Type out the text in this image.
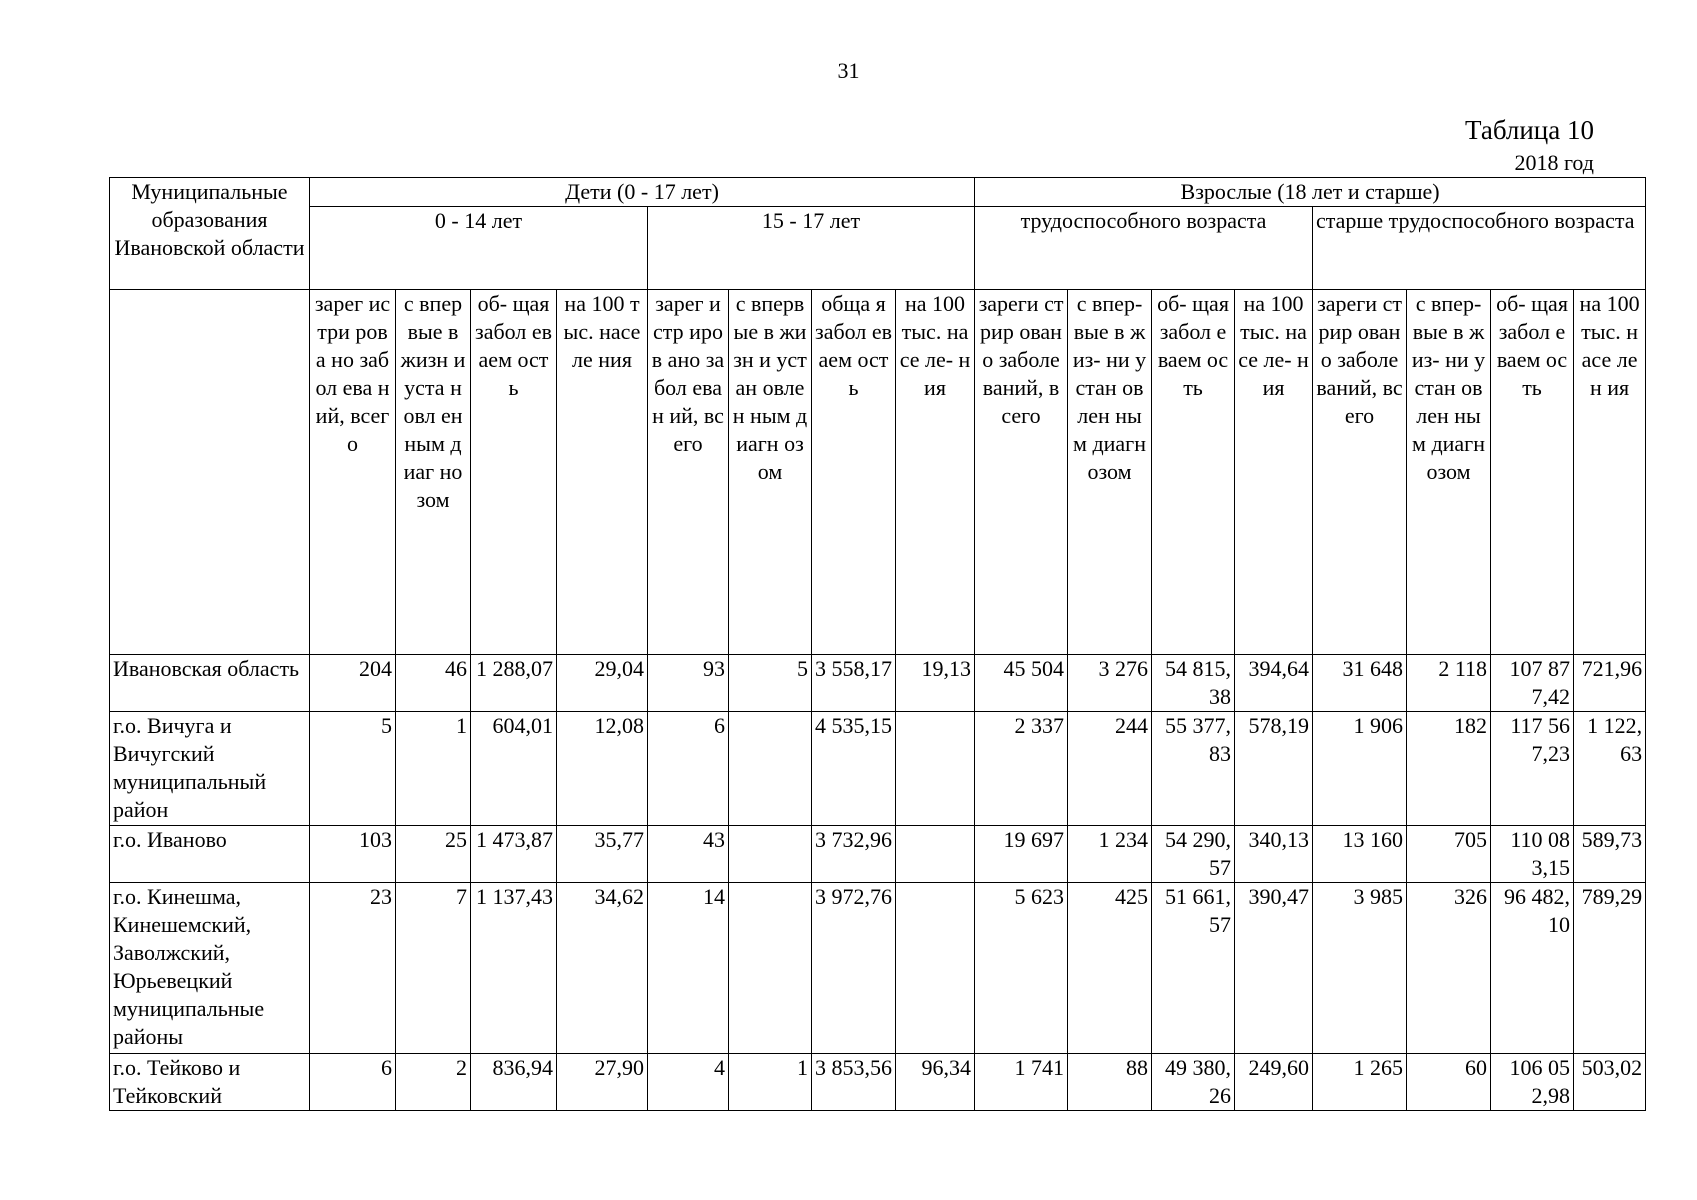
31
Таблица 10
2018 год
Муниципальные образования Ивановской области	Дети (0 - 17 лет)								Взрослые (18 лет и старше)							
	0 - 14 лет				15 - 17 лет				трудоспособного возраста				старше трудоспособного возраста			
	зарег истри рова но забол ева ний, всего	с впер вые в жизн и уста новл ен ным диаг но зом	об- щая забол еваем ость	на 100 тыс. населе ния	зарег истр иров ано забол еван ий, всего	с вперв ые в жизн и устан овлен ным диагн озом	обща я забол еваем ость	на 100 тыс. насе ле- ния	зареги стрир овано заболе ваний, всего	с впер- вые в жиз- ни устан овлен ным диагн озом	об- щая забол еваем ость	на 100 тыс. насе ле- ния	зареги стрир овано заболе ваний, всего	с впер- вые в жиз- ни устан овлен ным диагн озом	об- щая забол еваем ость	на 100 тыс. насе лен ия
Ивановская область	204	46	1 288,07	29,04	93	5	3 558,17	19,13	45 504	3 276	54 815,38	394,64	31 648	2 118	107 877,42	721,96
г.о. Вичуга и Вичугский муниципальный район	5	1	604,01	12,08	6		4 535,15		2 337	244	55 377,83	578,19	1 906	182	117 567,23	1 122,63
г.о. Иваново	103	25	1 473,87	35,77	43		3 732,96		19 697	1 234	54 290,57	340,13	13 160	705	110 083,15	589,73
г.о. Кинешма, Кинешемский, Заволжский, Юрьевецкий муниципальные районы	23	7	1 137,43	34,62	14		3 972,76		5 623	425	51 661,57	390,47	3 985	326	96 482,10	789,29
г.о. Тейково и Тейковский	6	2	836,94	27,90	4	1	3 853,56	96,34	1 741	88	49 380,26	249,60	1 265	60	106 052,98	503,02
